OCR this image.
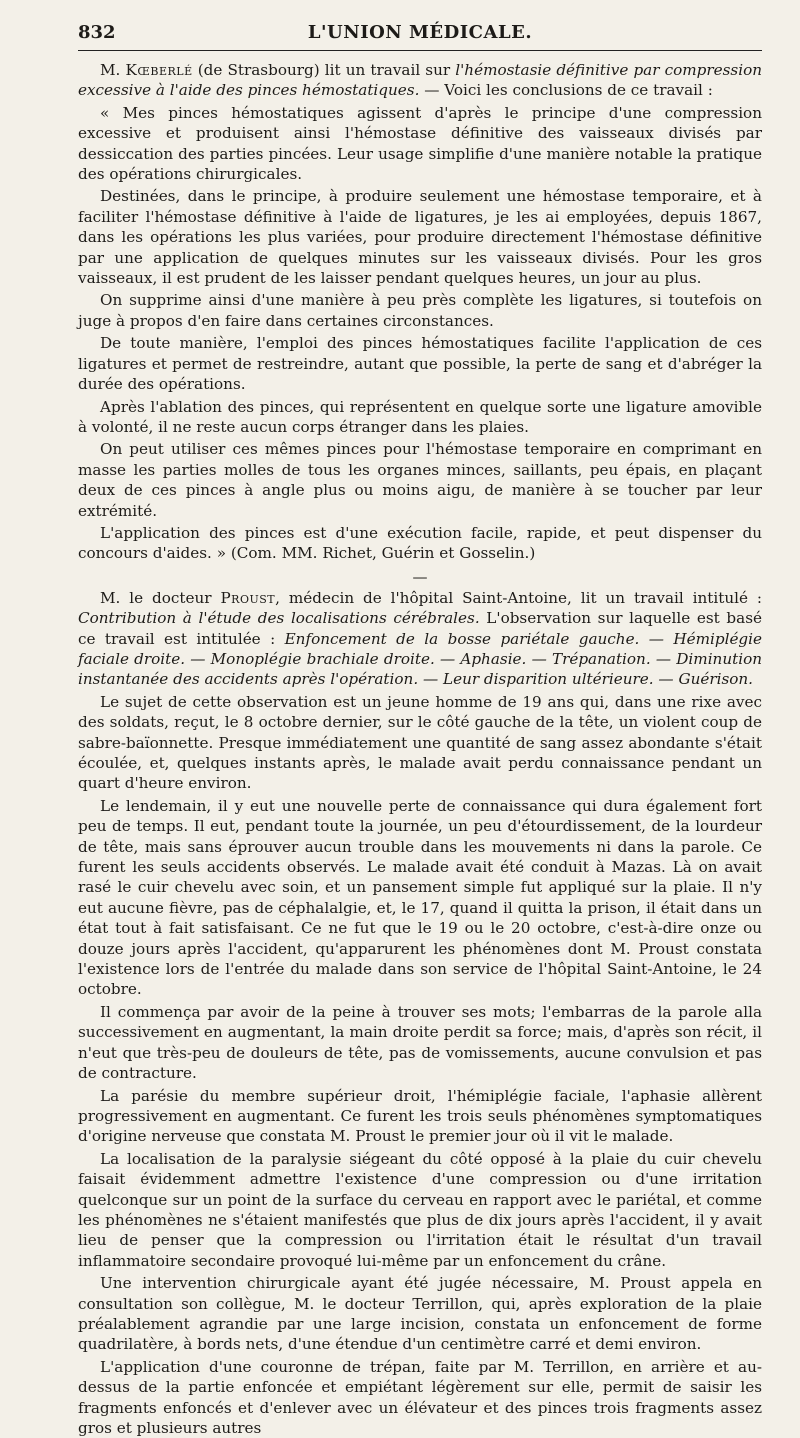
832	L'UNION MÉDICALE.

M. Kœberlé (de Strasbourg) lit un travail sur l'hémostasie définitive par compression excessive à l'aide des pinces hémostatiques. — Voici les conclusions de ce travail :

« Mes pinces hémostatiques agissent d'après le principe d'une compression excessive et produisent ainsi l'hémostase définitive des vaisseaux divisés par dessiccation des parties pincées. Leur usage simplifie d'une manière notable la pratique des opérations chirurgicales.

Destinées, dans le principe, à produire seulement une hémostase temporaire, et à faciliter l'hémostase définitive à l'aide de ligatures, je les ai employées, depuis 1867, dans les opérations les plus variées, pour produire directement l'hémostase définitive par une application de quelques minutes sur les vaisseaux divisés. Pour les gros vaisseaux, il est prudent de les laisser pendant quelques heures, un jour au plus.

On supprime ainsi d'une manière à peu près complète les ligatures, si toutefois on juge à propos d'en faire dans certaines circonstances.

De toute manière, l'emploi des pinces hémostatiques facilite l'application de ces ligatures et permet de restreindre, autant que possible, la perte de sang et d'abréger la durée des opérations.

Après l'ablation des pinces, qui représentent en quelque sorte une ligature amovible à volonté, il ne reste aucun corps étranger dans les plaies.

On peut utiliser ces mêmes pinces pour l'hémostase temporaire en comprimant en masse les parties molles de tous les organes minces, saillants, peu épais, en plaçant deux de ces pinces à angle plus ou moins aigu, de manière à se toucher par leur extrémité.

L'application des pinces est d'une exécution facile, rapide, et peut dispenser du concours d'aides. » (Com. MM. Richet, Guérin et Gosselin.)

—

M. le docteur Proust, médecin de l'hôpital Saint-Antoine, lit un travail intitulé : Contribution à l'étude des localisations cérébrales. L'observation sur laquelle est basé ce travail est intitulée : Enfoncement de la bosse pariétale gauche. — Hémiplégie faciale droite. — Monoplégie brachiale droite. — Aphasie. — Trépanation. — Diminution instantanée des accidents après l'opération. — Leur disparition ultérieure. — Guérison.

Le sujet de cette observation est un jeune homme de 19 ans qui, dans une rixe avec des soldats, reçut, le 8 octobre dernier, sur le côté gauche de la tête, un violent coup de sabre-baïonnette. Presque immédiatement une quantité de sang assez abondante s'était écoulée, et, quelques instants après, le malade avait perdu connaissance pendant un quart d'heure environ.

Le lendemain, il y eut une nouvelle perte de connaissance qui dura également fort peu de temps. Il eut, pendant toute la journée, un peu d'étourdissement, de la lourdeur de tête, mais sans éprouver aucun trouble dans les mouvements ni dans la parole. Ce furent les seuls accidents observés. Le malade avait été conduit à Mazas. Là on avait rasé le cuir chevelu avec soin, et un pansement simple fut appliqué sur la plaie. Il n'y eut aucune fièvre, pas de céphalalgie, et, le 17, quand il quitta la prison, il était dans un état tout à fait satisfaisant. Ce ne fut que le 19 ou le 20 octobre, c'est-à-dire onze ou douze jours après l'accident, qu'apparurent les phénomènes dont M. Proust constata l'existence lors de l'entrée du malade dans son service de l'hôpital Saint-Antoine, le 24 octobre.

Il commença par avoir de la peine à trouver ses mots; l'embarras de la parole alla successivement en augmentant, la main droite perdit sa force; mais, d'après son récit, il n'eut que très-peu de douleurs de tête, pas de vomissements, aucune convulsion et pas de contracture.

La parésie du membre supérieur droit, l'hémiplégie faciale, l'aphasie allèrent progressivement en augmentant. Ce furent les trois seuls phénomènes symptomatiques d'origine nerveuse que constata M. Proust le premier jour où il vit le malade.

La localisation de la paralysie siégeant du côté opposé à la plaie du cuir chevelu faisait évidemment admettre l'existence d'une compression ou d'une irritation quelconque sur un point de la surface du cerveau en rapport avec le pariétal, et comme les phénomènes ne s'étaient manifestés que plus de dix jours après l'accident, il y avait lieu de penser que la compression ou l'irritation était le résultat d'un travail inflammatoire secondaire provoqué lui-même par un enfoncement du crâne.

Une intervention chirurgicale ayant été jugée nécessaire, M. Proust appela en consultation son collègue, M. le docteur Terrillon, qui, après exploration de la plaie préalablement agrandie par une large incision, constata un enfoncement de forme quadrilatère, à bords nets, d'une étendue d'un centimètre carré et demi environ.

L'application d'une couronne de trépan, faite par M. Terrillon, en arrière et au-dessus de la partie enfoncée et empiétant légèrement sur elle, permit de saisir les fragments enfoncés et d'enlever avec un élévateur et des pinces trois fragments assez gros et plusieurs autres
